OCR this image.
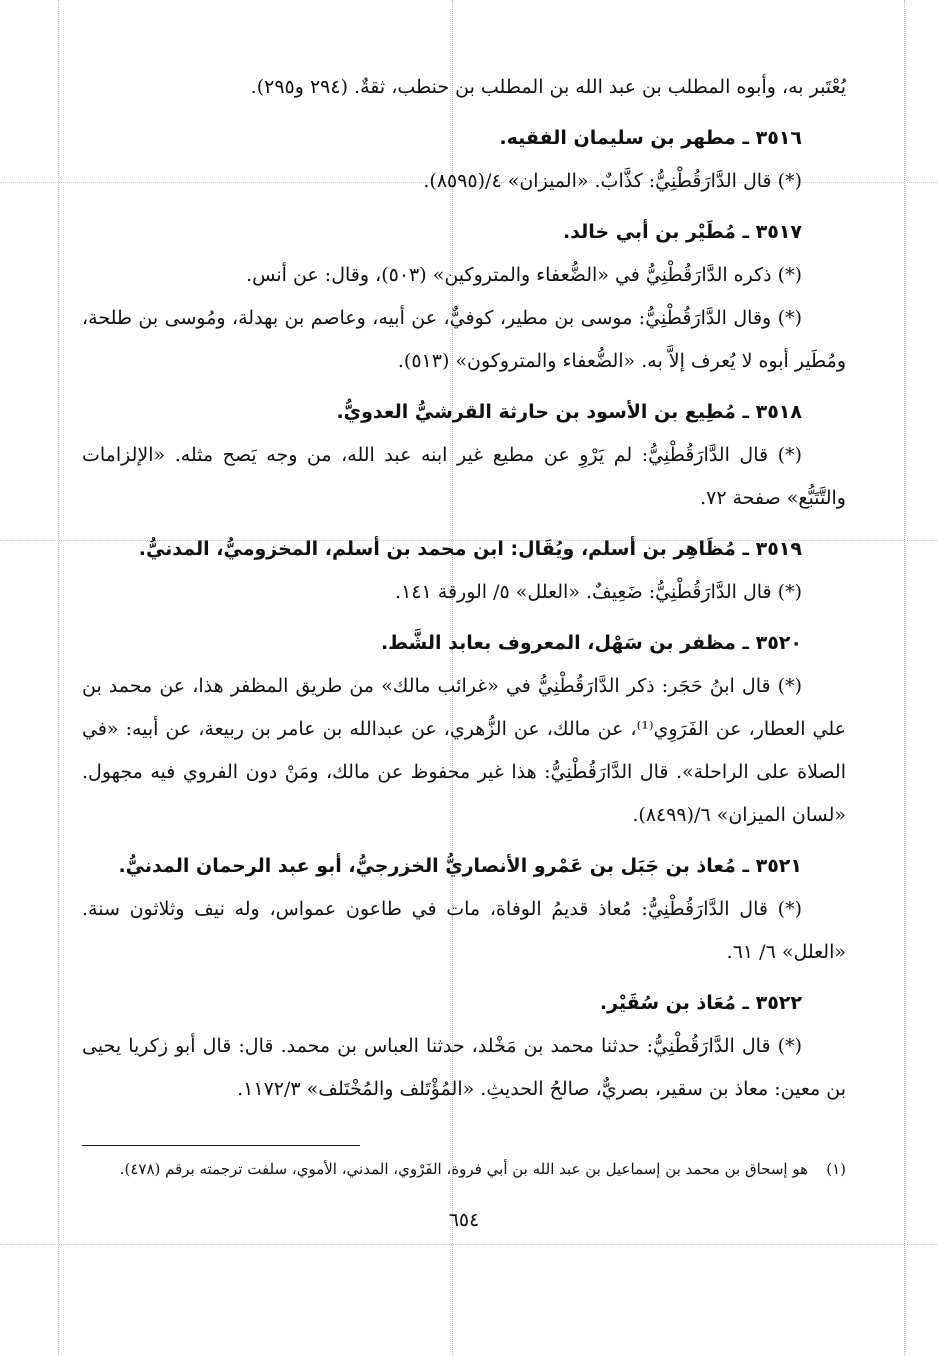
يُعْتَبر به، وأبوه المطلب بن عبد الله بن المطلب بن حنطب، ثقةٌ. (٢٩٤ و٢٩٥).
٣٥١٦ ـ مطهر بن سليمان الفقيه.
(*) قال الدَّارَقُطْنِيُّ: كذَّابٌ. «الميزان» ٤/(٨٥٩٥).
٣٥١٧ ـ مُطَيْر بن أبي خالد.
(*) ذكره الدَّارَقُطْنِيُّ في «الضُّعفاء والمتروكين» (٥٠٣)، وقال: عن أنس.
(*) وقال الدَّارَقُطْنِيُّ: موسى بن مطير، كوفيٌّ، عن أبيه، وعاصم بن بهدلة، ومُوسى بن طلحة، ومُطَير أبوه لا يُعرف إلاَّ به. «الضُّعفاء والمتروكون» (٥١٣).
٣٥١٨ ـ مُطِيع بن الأسود بن حارثة القرشيُّ العدويُّ.
(*) قال الدَّارَقُطْنِيُّ: لم يَرْوِ عن مطيع غير ابنه عبد الله، من وجه يَصح مثله. «الإلزامات والتَّتَبُّع» صفحة ٧٢.
٣٥١٩ ـ مُظَاهِر بن أسلم، ويُقَال: ابن محمد بن أسلم، المخزوميُّ، المدنيُّ.
(*) قال الدَّارَقُطْنِيُّ: ضَعِيفٌ. «العلل» ٥/ الورقة ١٤١.
٣٥٢٠ ـ مظفر بن سَهْل، المعروف بعابد الشَّط.
(*) قال ابنُ حَجَر: ذكر الدَّارَقُطْنِيُّ في «غرائب مالك» من طريق المظفر هذا، عن محمد بن علي العطار، عن الفَرَوِي⁽¹⁾، عن مالك، عن الزُّهري، عن عبدالله بن عامر بن ربيعة، عن أبيه: «في الصلاة على الراحلة». قال الدَّارَقُطْنِيُّ: هذا غير محفوظ عن مالك، ومَنْ دون الفروي فيه مجهول. «لسان الميزان» ٦/(٨٤٩٩).
٣٥٢١ ـ مُعاذ بن جَبَل بن عَمْرو الأنصاريُّ الخزرجيُّ، أبو عبد الرحمان المدنيُّ.
(*) قال الدَّارَقُطْنِيُّ: مُعاذ قديمُ الوفاة، مات في طاعون عمواس، وله نيف وثلاثون سنة. «العلل» ٦/ ٦١.
٣٥٢٢ ـ مُعَاذ بن سُقَيْر.
(*) قال الدَّارَقُطْنِيُّ: حدثنا محمد بن مَخْلد، حدثنا العباس بن محمد. قال: قال أبو زكريا يحيى بن معين: معاذ بن سقير، بصريٌّ، صالحُ الحديثِ. «المُؤْتَلف والمُخْتَلف» ١١٧٢/٣.
(١)هو إسحاق بن محمد بن إسماعيل بن عبد الله بن أبي فروة، الفَرْوي، المدني، الأموي، سلفت ترجمته برقم (٤٧٨).
٦٥٤
